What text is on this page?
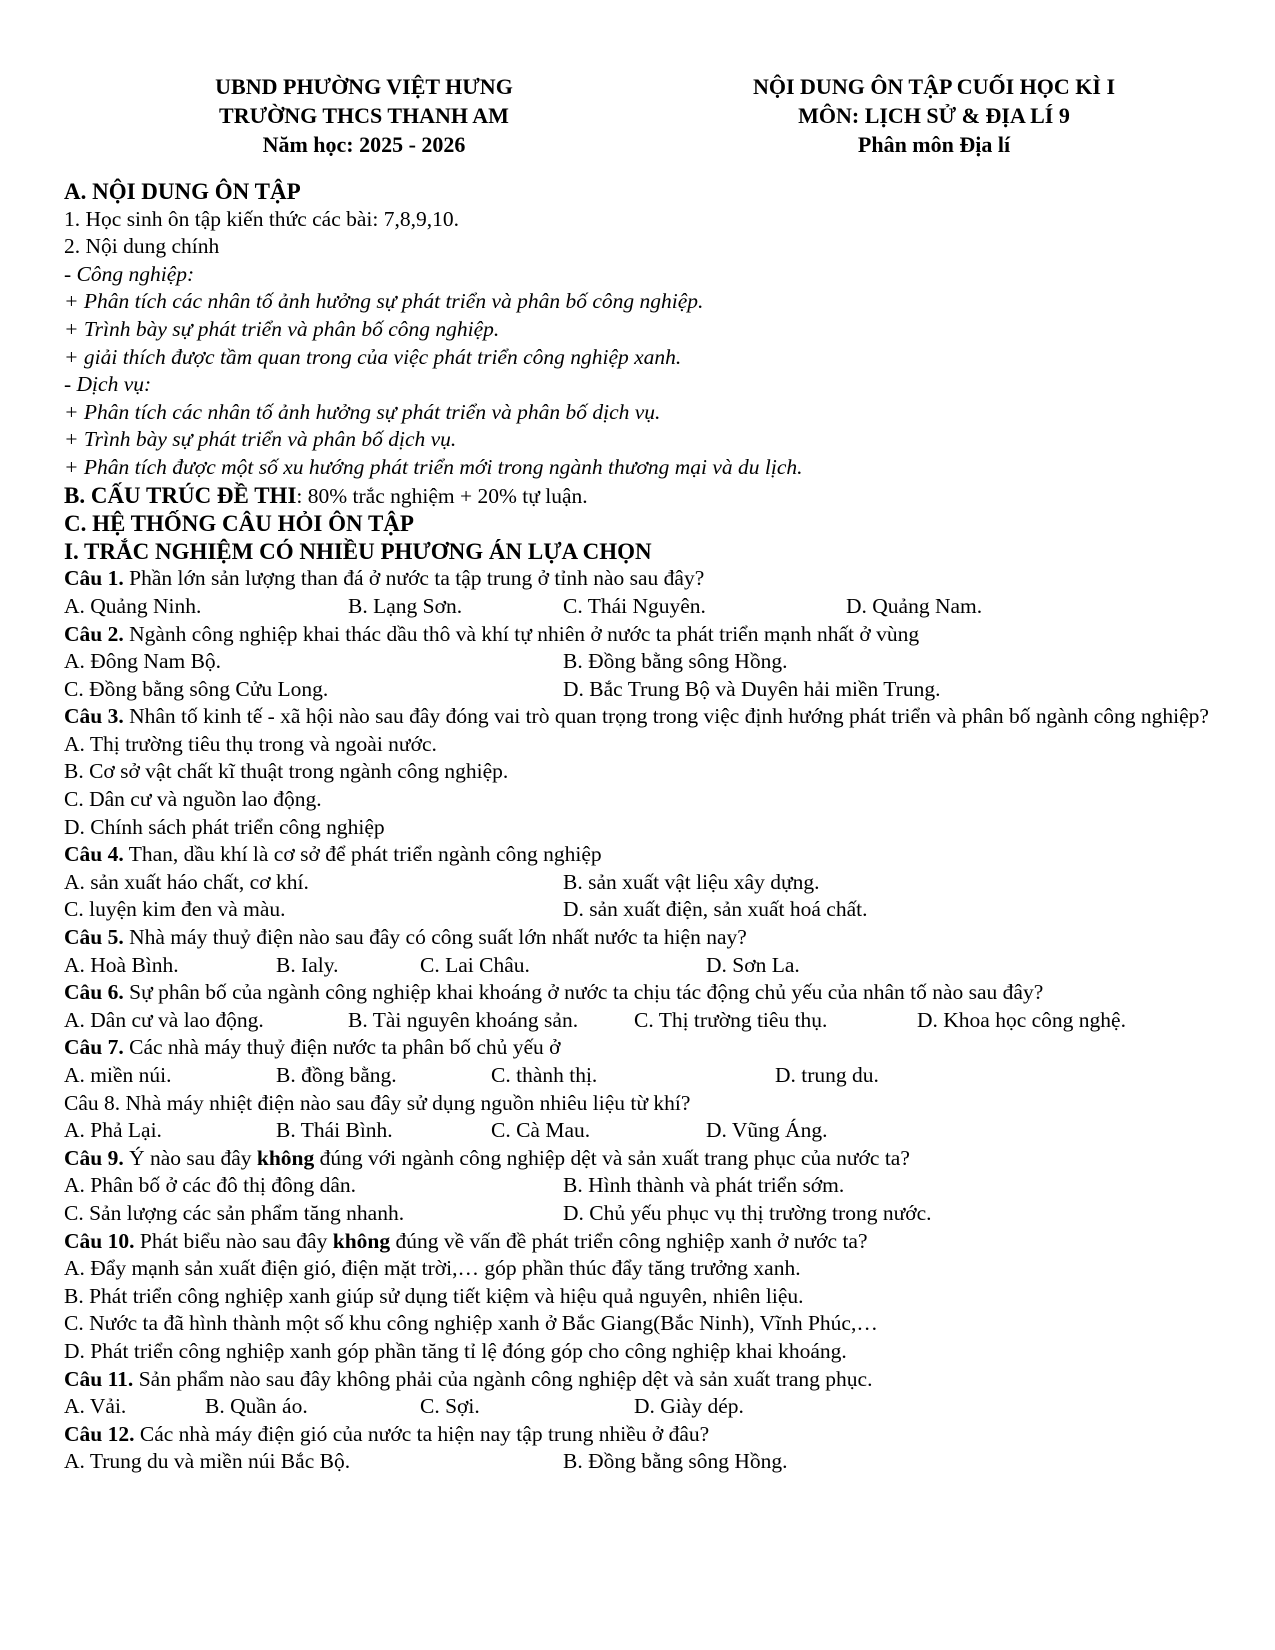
UBND PHƯỜNG VIỆT HƯNG
TRƯỜNG THCS THANH AM
Năm học: 2025 - 2026
NỘI DUNG ÔN TẬP CUỐI HỌC KÌ I
MÔN: LỊCH SỬ & ĐỊA LÍ 9
Phân môn Địa lí
A. NỘI DUNG ÔN TẬP
1. Học sinh ôn tập kiến thức các bài: 7,8,9,10.
2. Nội dung chính
- Công nghiệp:
+ Phân tích các nhân tố ảnh hưởng sự phát triển và phân bố công nghiệp.
+ Trình bày sự phát triển và phân bố công nghiệp.
+ giải thích được tầm quan trong của việc phát triển công nghiệp xanh.
- Dịch vụ:
+ Phân tích các nhân tố ảnh hưởng sự phát triển và phân bố dịch vụ.
+ Trình bày sự phát triển và phân bố dịch vụ.
+ Phân tích được một số xu hướng phát triển mới trong ngành thương mại và du lịch.
B. CẤU TRÚC ĐỀ THI: 80% trắc nghiệm + 20% tự luận.
C. HỆ THỐNG CÂU HỎI ÔN TẬP
I. TRẮC NGHIỆM CÓ NHIỀU PHƯƠNG ÁN LỰA CHỌN
Câu 1. Phần lớn sản lượng than đá ở nước ta tập trung ở tỉnh nào sau đây?
A. Quảng Ninh.	B. Lạng Sơn.	C. Thái Nguyên.	D. Quảng Nam.
Câu 2. Ngành công nghiệp khai thác dầu thô và khí tự nhiên ở nước ta phát triển mạnh nhất ở vùng
A. Đông Nam Bộ.	B. Đồng bằng sông Hồng.
C. Đồng bằng sông Cửu Long.	D. Bắc Trung Bộ và Duyên hải miền Trung.
Câu 3. Nhân tố kinh tế - xã hội nào sau đây đóng vai trò quan trọng trong việc định hướng phát triển và phân bố ngành công nghiệp?
A. Thị trường tiêu thụ trong và ngoài nước.
B. Cơ sở vật chất kĩ thuật trong ngành công nghiệp.
C. Dân cư và nguồn lao động.
D. Chính sách phát triển công nghiệp
Câu 4. Than, dầu khí là cơ sở để phát triển ngành công nghiệp
A. sản xuất háo chất, cơ khí.	B. sản xuất vật liệu xây dựng.
C. luyện kim đen và màu.	D. sản xuất điện, sản xuất hoá chất.
Câu 5. Nhà máy thuỷ điện nào sau đây có công suất lớn nhất nước ta hiện nay?
A. Hoà Bình.	B. Ialy.	C. Lai Châu.	D. Sơn La.
Câu 6. Sự phân bố của ngành công nghiệp khai khoáng ở nước ta chịu tác động chủ yếu của nhân tố nào sau đây?
A. Dân cư và lao động.	B. Tài nguyên khoáng sản.	C. Thị trường tiêu thụ.	D. Khoa học công nghệ.
Câu 7. Các nhà máy thuỷ điện nước ta phân bố chủ yếu ở
A. miền núi.	B. đồng bằng.	C. thành thị.	D. trung du.
Câu 8. Nhà máy nhiệt điện nào sau đây sử dụng nguồn nhiêu liệu từ khí?
A. Phả Lại.	B. Thái Bình.	C. Cà Mau.	D. Vũng Áng.
Câu 9. Ý nào sau đây không đúng với ngành công nghiệp dệt và sản xuất trang phục của nước ta?
A. Phân bố ở các đô thị đông dân.	B. Hình thành và phát triển sớm.
C. Sản lượng các sản phẩm tăng nhanh.	D. Chủ yếu phục vụ thị trường trong nước.
Câu 10. Phát biểu nào sau đây không đúng về vấn đề phát triển công nghiệp xanh ở nước ta?
A. Đẩy mạnh sản xuất điện gió, điện mặt trời,… góp phần thúc đẩy tăng trưởng xanh.
B. Phát triển công nghiệp xanh giúp sử dụng tiết kiệm và hiệu quả nguyên, nhiên liệu.
C. Nước ta đã hình thành một số khu công nghiệp xanh ở Bắc Giang(Bắc Ninh), Vĩnh Phúc,…
D. Phát triển công nghiệp xanh góp phần tăng tỉ lệ đóng góp cho công nghiệp khai khoáng.
Câu 11. Sản phẩm nào sau đây không phải của ngành công nghiệp dệt và sản xuất trang phục.
A. Vải.	B. Quần áo.	C. Sợi.	D. Giày dép.
Câu 12. Các nhà máy điện gió của nước ta hiện nay tập trung nhiều ở đâu?
A. Trung du và miền núi Bắc Bộ.	B. Đồng bằng sông Hồng.
